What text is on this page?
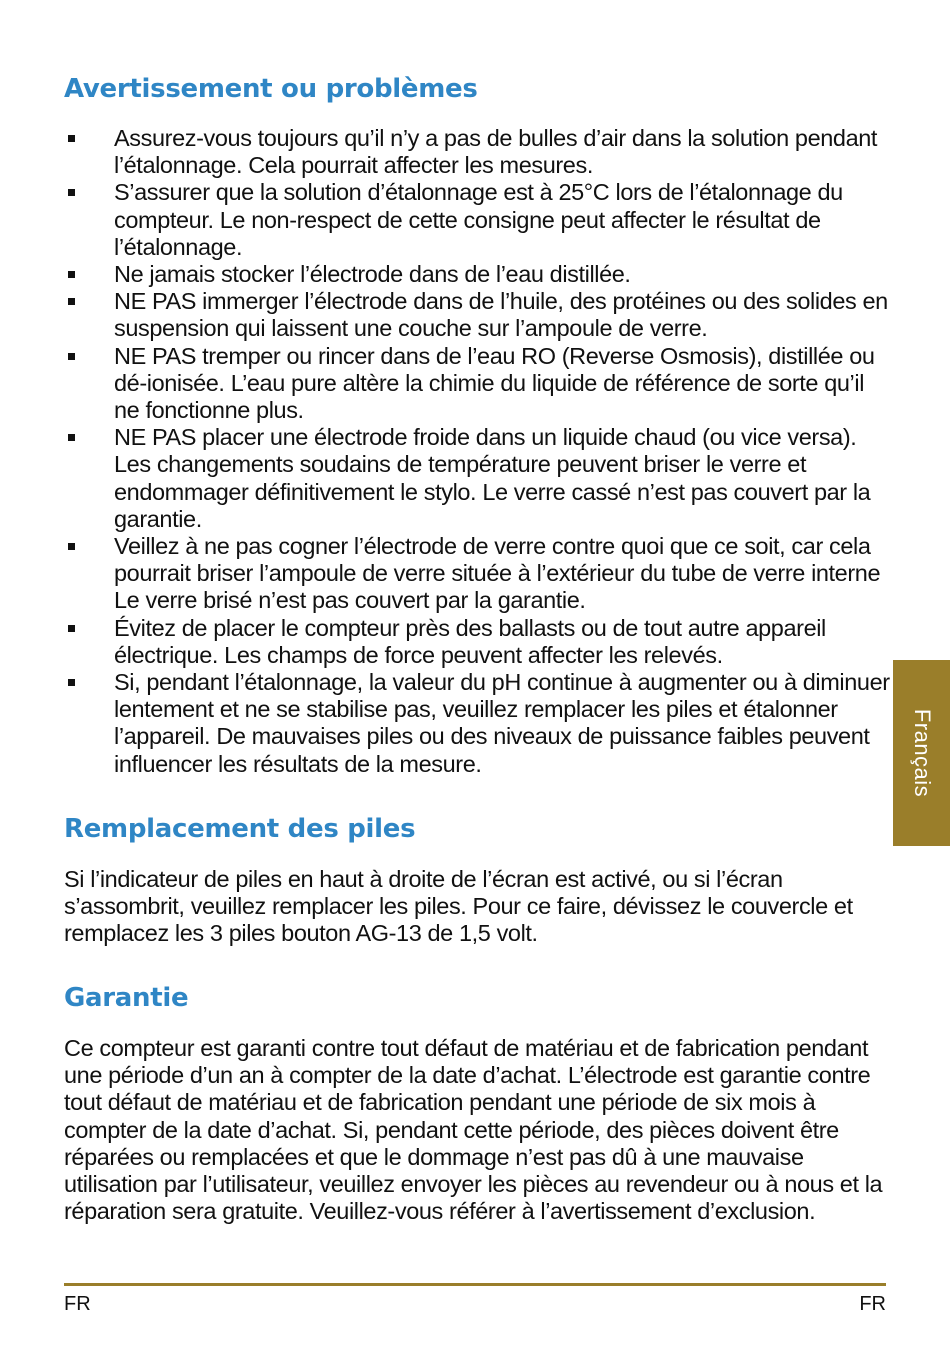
Avertissement ou problèmes
Assurez-vous toujours qu’il n’y a pas de bulles d’air dans la solution pendant l’étalonnage. Cela pourrait affecter les mesures.
S’assurer que la solution d’étalonnage est à 25°C lors de l’étalonnage du compteur. Le non-respect de cette consigne peut affecter le résultat de l’étalonnage.
Ne jamais stocker l’électrode dans de l’eau distillée.
NE PAS immerger l’électrode dans de l’huile, des protéines ou des solides en suspension qui laissent une couche sur l’ampoule de verre.
NE PAS tremper ou rincer dans de l’eau RO (Reverse Osmosis), distillée ou dé-ionisée. L’eau pure altère la chimie du liquide de référence de sorte qu’il ne fonctionne plus.
NE PAS placer une électrode froide dans un liquide chaud (ou vice versa). Les changements soudains de température peuvent briser le verre et endommager définitivement le stylo. Le verre cassé n’est pas couvert par la garantie.
Veillez à ne pas cogner l’électrode de verre contre quoi que ce soit, car cela pourrait briser l’ampoule de verre située à l’extérieur du tube de verre interne Le verre brisé n’est pas couvert par la garantie.
Évitez de placer le compteur près des ballasts ou de tout autre appareil électrique. Les champs de force peuvent affecter les relevés.
Si, pendant l’étalonnage, la valeur du pH continue à augmenter ou à diminuer lentement et ne se stabilise pas, veuillez remplacer les piles et étalonner l’appareil. De mauvaises piles ou des niveaux de puissance faibles peuvent influencer les résultats de la mesure.
Remplacement des piles

Si l’indicateur de piles en haut à droite de l’écran est activé, ou si l’écran s’assombrit, veuillez remplacer les piles. Pour ce faire, dévissez le couvercle et remplacez les 3 piles bouton AG-13 de 1,5 volt.

Garantie

Ce compteur est garanti contre tout défaut de matériau et de fabrication pendant une période d’un an à compter de la date d’achat. L’électrode est garantie contre tout défaut de matériau et de fabrication pendant une période de six mois à compter de la date d’achat. Si, pendant cette période, des pièces doivent être réparées ou remplacées et que le dommage n’est pas dû à une mauvaise utilisation par l’utilisateur, veuillez envoyer les pièces au revendeur ou à nous et la réparation sera gratuite. Veuillez-vous référer à l’avertissement d’exclusion.

Français
FR	FR
